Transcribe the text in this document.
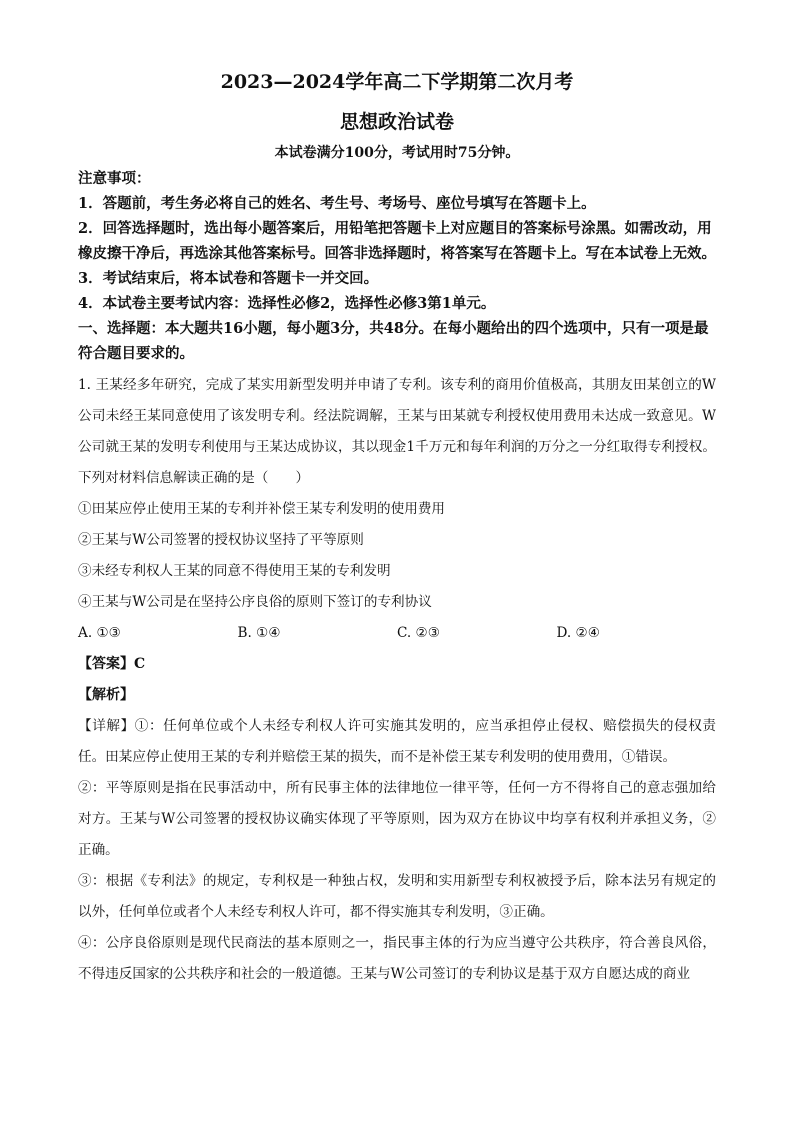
2023—2024学年高二下学期第二次月考
思想政治试卷

本试卷满分100分，考试用时75分钟。

注意事项：

1．答题前，考生务必将自己的姓名、考生号、考场号、座位号填写在答题卡上。

2．回答选择题时，选出每小题答案后，用铅笔把答题卡上对应题目的答案标号涂黑。如需改动，用橡皮擦干净后，再选涂其他答案标号。回答非选择题时，将答案写在答题卡上。写在本试卷上无效。

3．考试结束后，将本试卷和答题卡一并交回。

4．本试卷主要考试内容：选择性必修2，选择性必修3第1单元。

一、选择题：本大题共16小题，每小题3分，共48分。在每小题给出的四个选项中，只有一项是最符合题目要求的。

1. 王某经多年研究，完成了某实用新型发明并申请了专利。该专利的商用价值极高，其朋友田某创立的W公司未经王某同意使用了该发明专利。经法院调解，王某与田某就专利授权使用费用未达成一致意见。W公司就王某的发明专利使用与王某达成协议，其以现金1千万元和每年利润的万分之一分红取得专利授权。下列对材料信息解读正确的是（　　）

①田某应停止使用王某的专利并补偿王某专利发明的使用费用

②王某与W公司签署的授权协议坚持了平等原则

③未经专利权人王某的同意不得使用王某的专利发明

④王某与W公司是在坚持公序良俗的原则下签订的专利协议

A. ①③	B. ①④	C. ②③	D. ②④

【答案】C

【解析】

【详解】①：任何单位或个人未经专利权人许可实施其发明的，应当承担停止侵权、赔偿损失的侵权责任。田某应停止使用王某的专利并赔偿王某的损失，而不是补偿王某专利发明的使用费用，①错误。

②：平等原则是指在民事活动中，所有民事主体的法律地位一律平等，任何一方不得将自己的意志强加给对方。王某与W公司签署的授权协议确实体现了平等原则，因为双方在协议中均享有权利并承担义务，②正确。

③：根据《专利法》的规定，专利权是一种独占权，发明和实用新型专利权被授予后，除本法另有规定的以外，任何单位或者个人未经专利权人许可，都不得实施其专利发明，③正确。

④：公序良俗原则是现代民商法的基本原则之一，指民事主体的行为应当遵守公共秩序，符合善良风俗，不得违反国家的公共秩序和社会的一般道德。王某与W公司签订的专利协议是基于双方自愿达成的商业
